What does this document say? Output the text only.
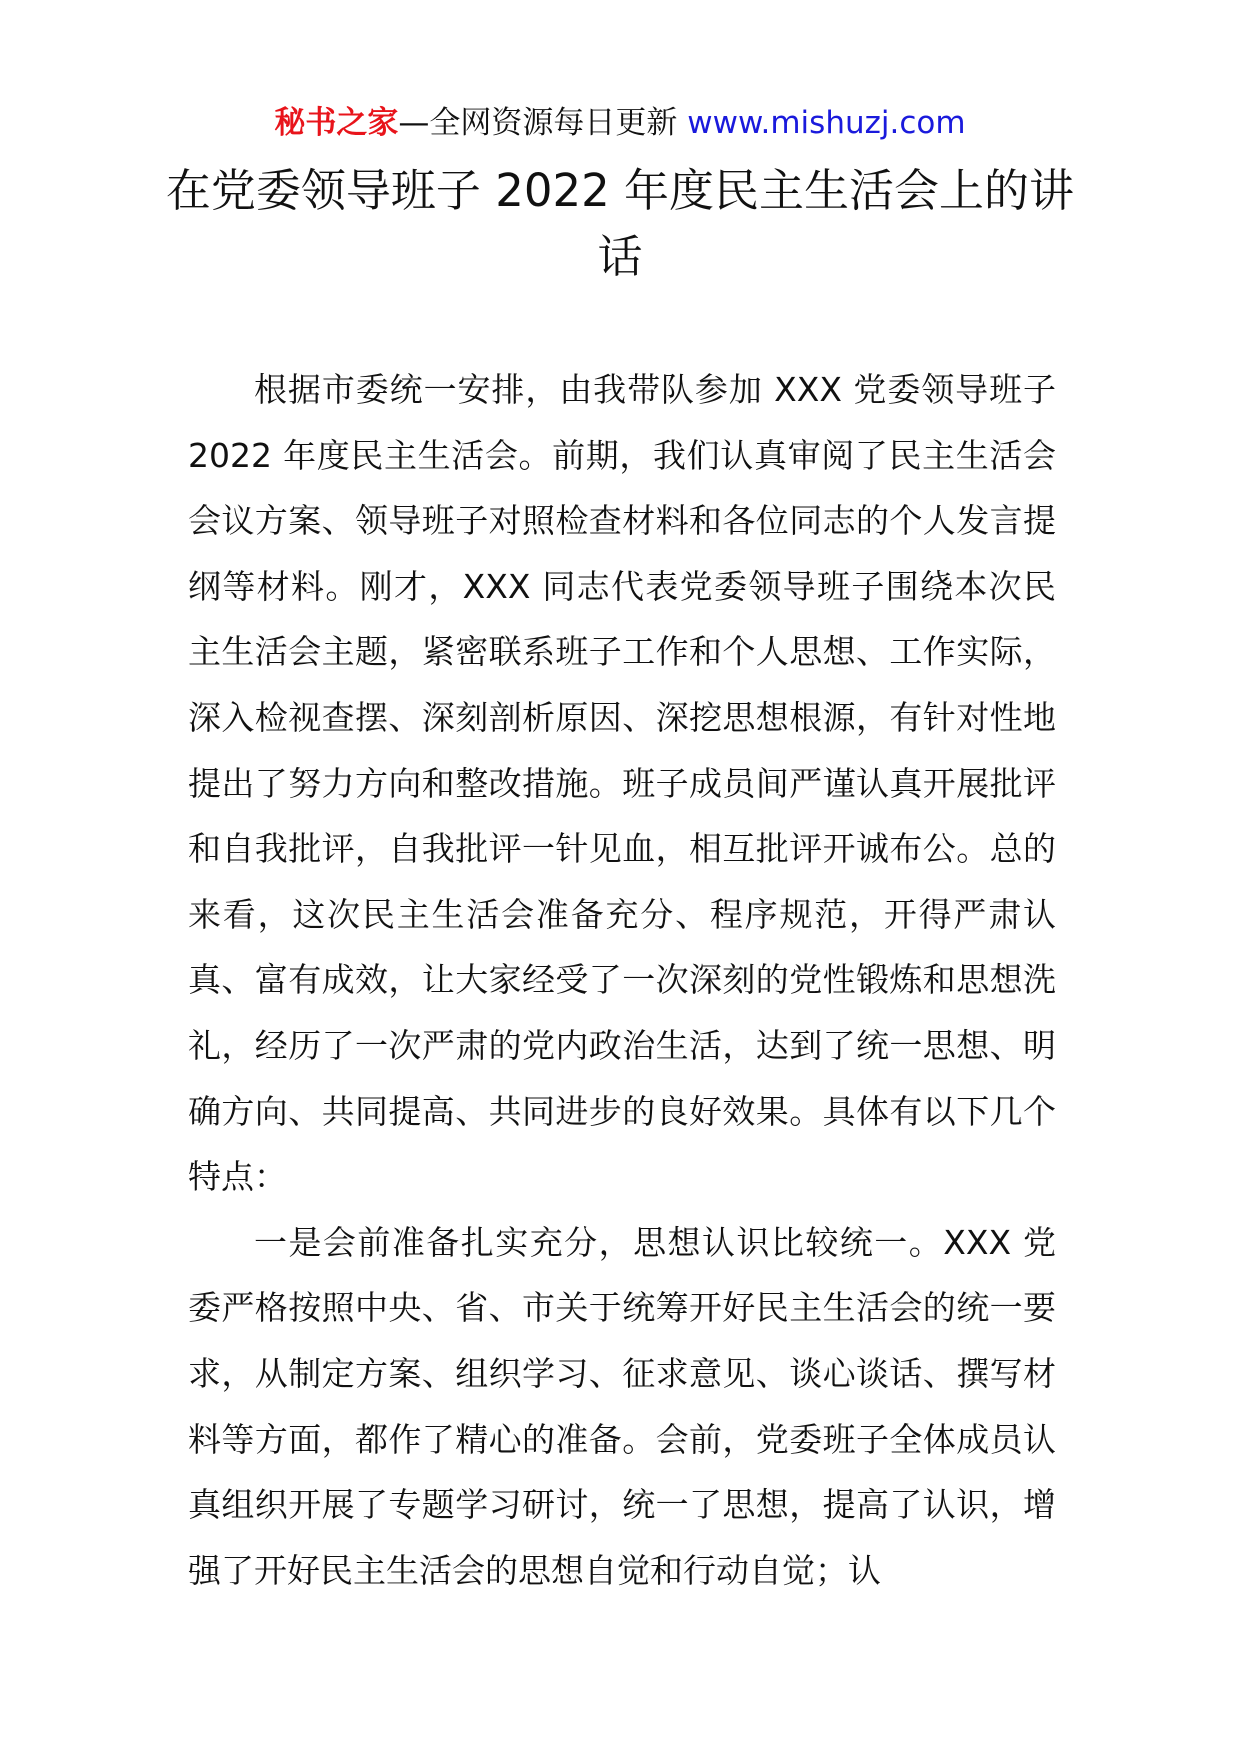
秘书之家—全网资源每日更新 www.mishuzj.com
在党委领导班子 2022 年度民主生活会上的讲话

根据市委统一安排，由我带队参加 XXX 党委领导班子 2022 年度民主生活会。前期，我们认真审阅了民主生活会会议方案、领导班子对照检查材料和各位同志的个人发言提纲等材料。刚才，XXX 同志代表党委领导班子围绕本次民主生活会主题，紧密联系班子工作和个人思想、工作实际，深入检视查摆、深刻剖析原因、深挖思想根源，有针对性地提出了努力方向和整改措施。班子成员间严谨认真开展批评和自我批评，自我批评一针见血，相互批评开诚布公。总的来看，这次民主生活会准备充分、程序规范，开得严肃认真、富有成效，让大家经受了一次深刻的党性锻炼和思想洗礼，经历了一次严肃的党内政治生活，达到了统一思想、明确方向、共同提高、共同进步的良好效果。具体有以下几个特点：

一是会前准备扎实充分，思想认识比较统一。XXX 党委严格按照中央、省、市关于统筹开好民主生活会的统一要求，从制定方案、组织学习、征求意见、谈心谈话、撰写材料等方面，都作了精心的准备。会前，党委班子全体成员认真组织开展了专题学习研讨，统一了思想，提高了认识，增强了开好民主生活会的思想自觉和行动自觉；认
